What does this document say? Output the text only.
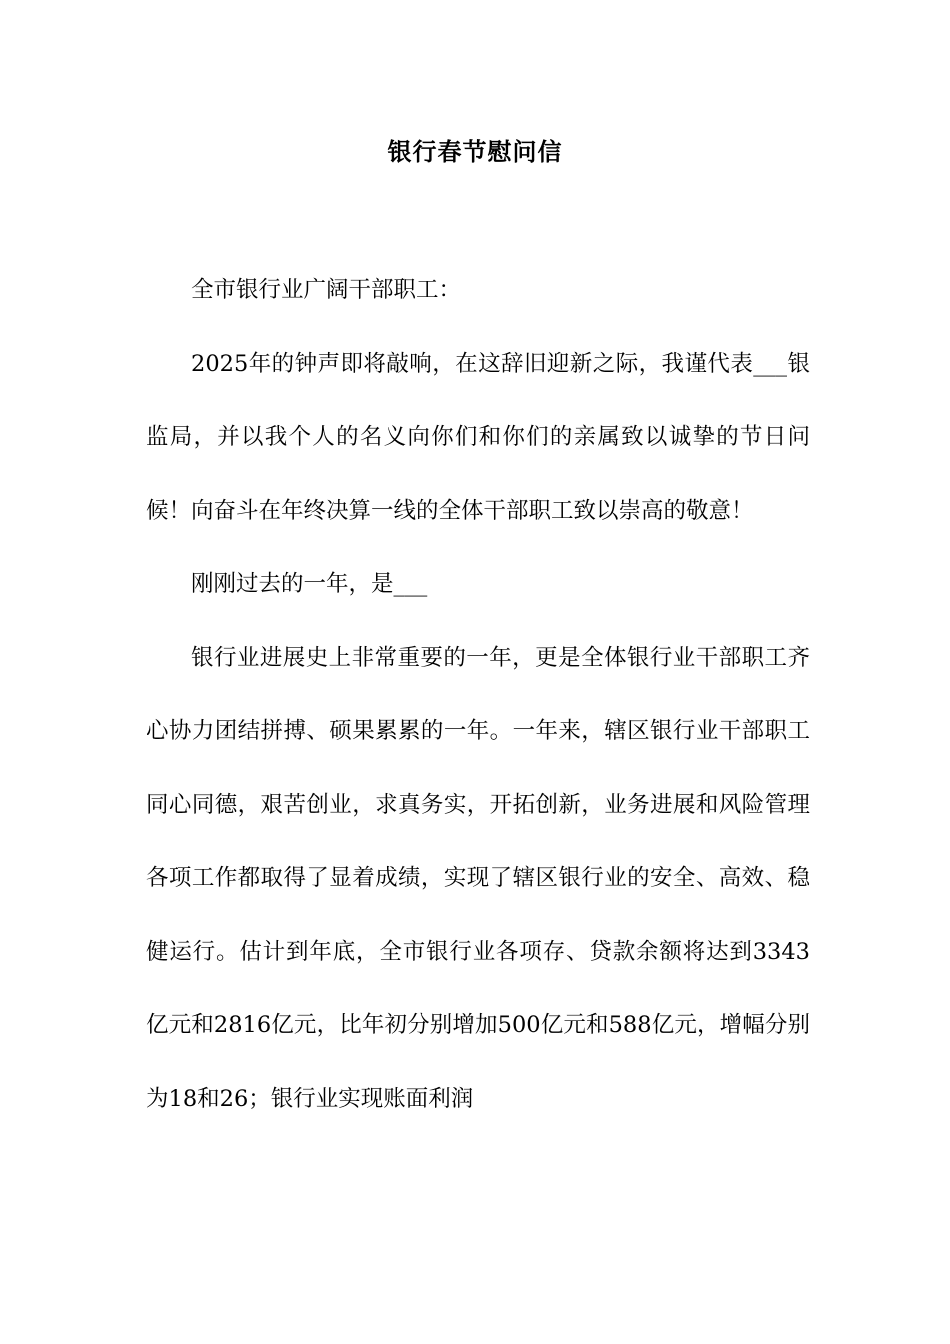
银行春节慰问信

全市银行业广阔干部职工：

2025年的钟声即将敲响，在这辞旧迎新之际，我谨代表___银监局，并以我个人的名义向你们和你们的亲属致以诚挚的节日问候！向奋斗在年终决算一线的全体干部职工致以崇高的敬意！

刚刚过去的一年，是___

银行业进展史上非常重要的一年，更是全体银行业干部职工齐心协力团结拼搏、硕果累累的一年。一年来，辖区银行业干部职工同心同德，艰苦创业，求真务实，开拓创新，业务进展和风险管理各项工作都取得了显着成绩，实现了辖区银行业的安全、高效、稳健运行。估计到年底，全市银行业各项存、贷款余额将达到3343亿元和2816亿元，比年初分别增加500亿元和588亿元，增幅分别为18和26；银行业实现账面利润
